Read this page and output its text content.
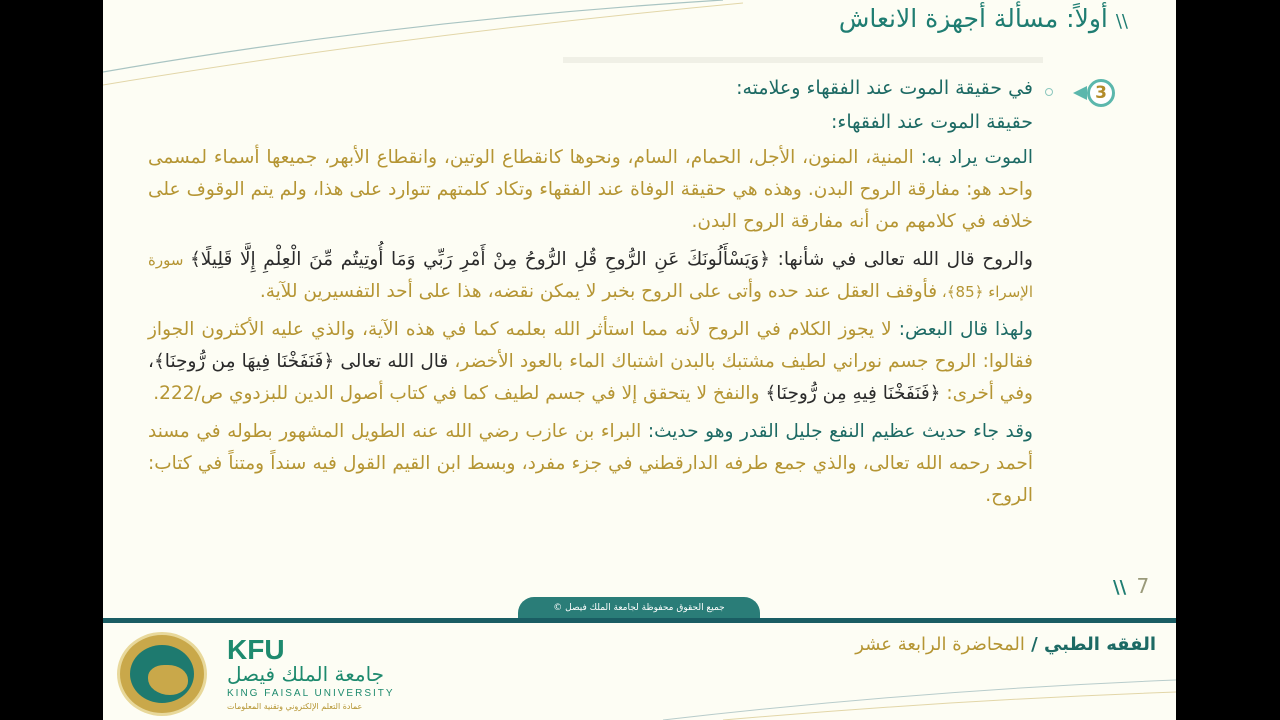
\\أولاً: مسألة أجهزة الانعاش
3
في حقيقة الموت عند الفقهاء وعلامته:
حقيقة الموت عند الفقهاء:

الموت يراد به: المنية، المنون، الأجل، الحمام، السام، ونحوها كانقطاع الوتين، وانقطاع الأبهر، جميعها أسماء لمسمى واحد هو: مفارقة الروح البدن. وهذه هي حقيقة الوفاة عند الفقهاء وتكاد كلمتهم تتوارد على هذا، ولم يتم الوقوف على خلافه في كلامهم من أنه مفارقة الروح البدن.

والروح قال الله تعالى في شأنها: ﴿وَيَسْأَلُونَكَ عَنِ الرُّوحِ قُلِ الرُّوحُ مِنْ أَمْرِ رَبِّي وَمَا أُوتِيتُم مِّنَ الْعِلْمِ إِلَّا قَلِيلًا﴾ سورة الإسراء ﴿85﴾، فأوقف العقل عند حده وأتى على الروح بخبر لا يمكن نقضه، هذا على أحد التفسيرين للآية.

ولهذا قال البعض: لا يجوز الكلام في الروح لأنه مما استأثر الله بعلمه كما في هذه الآية، والذي عليه الأكثرون الجواز فقالوا: الروح جسم نوراني لطيف مشتبك بالبدن اشتباك الماء بالعود الأخضر، قال الله تعالى ﴿فَنَفَخْنَا فِيهَا مِن رُّوحِنَا﴾، وفي أخرى: ﴿فَنَفَخْنَا فِيهِ مِن رُّوحِنَا﴾ والنفخ لا يتحقق إلا في جسم لطيف كما في كتاب أصول الدين للبزدوي ص/222.

وقد جاء حديث عظيم النفع جليل القدر وهو حديث: البراء بن عازب رضي الله عنه الطويل المشهور بطوله في مسند أحمد رحمه الله تعالى، والذي جمع طرفه الدارقطني في جزء مفرد، وبسط ابن القيم القول فيه سنداً ومتناً في كتاب: الروح.

\\ 7
جميع الحقوق محفوظة لجامعة الملك فيصل ©
الفقه الطبي / المحاضرة الرابعة عشر
KFU
جامعة الملك فيصل
KING FAISAL UNIVERSITY
عمادة التعلم الإلكتروني وتقنية المعلومات
